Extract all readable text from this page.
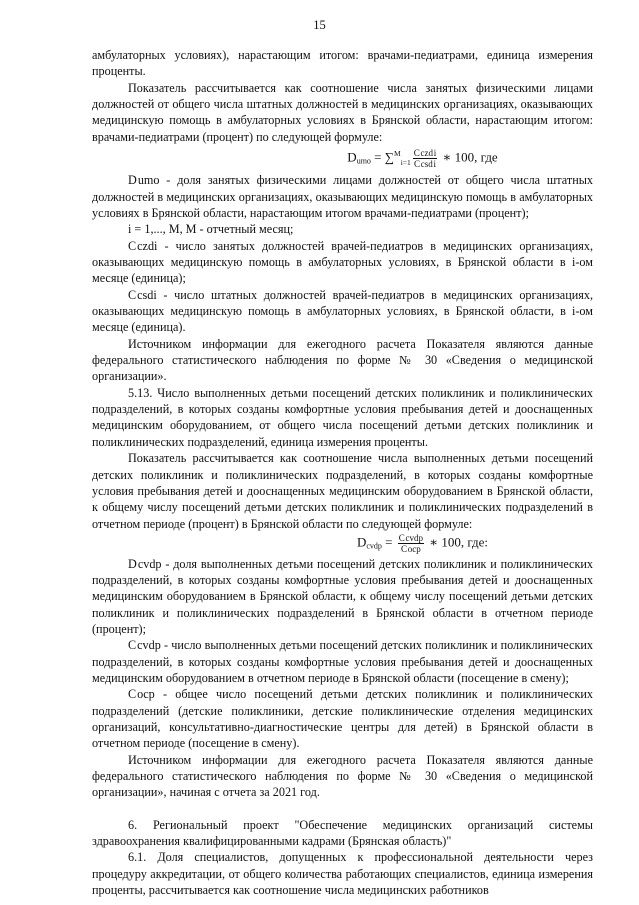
15

амбулаторных условиях), нарастающим итогом: врачами-педиатрами, единица измерения проценты.

Показатель рассчитывается как соотношение числа занятых физическими лицами должностей от общего числа штатных должностей в медицинских организациях, оказывающих медицинскую помощь в амбулаторных условиях в Брянской области, нарастающим итогом: врачами-педиатрами (процент) по следующей формуле:

$D_{umo} = \sum^M_{i=1} \frac{\text{C czd i}}{\text{C csd i}}$ ∗ 100, где

D umo - доля занятых физическими лицами должностей от общего числа штатных должностей в медицинских организациях, оказывающих медицинскую помощь в амбулаторных условиях в Брянской области, нарастающим итогом врачами-педиатрами (процент);

i = 1,..., M, M - отчетный месяц;

C czdi - число занятых должностей врачей-педиатров в медицинских организациях, оказывающих медицинскую помощь в амбулаторных условиях, в Брянской области в i-ом месяце (единица);

C csdi - число штатных должностей врачей-педиатров в медицинских организациях, оказывающих медицинскую помощь в амбулаторных условиях, в Брянской области, в i-ом месяце (единица).

Источником информации для ежегодного расчета Показателя являются данные федерального статистического наблюдения по форме № 30 «Сведения о медицинской организации».

5.13. Число выполненных детьми посещений детских поликлиник и поликлинических подразделений, в которых созданы комфортные условия пребывания детей и дооснащенных медицинским оборудованием, от общего числа посещений детьми детских поликлиник и поликлинических подразделений, единица измерения проценты.

Показатель рассчитывается как соотношение числа выполненных детьми посещений детских поликлиник и поликлинических подразделений, в которых созданы комфортные условия пребывания детей и дооснащенных медицинским оборудованием в Брянской области, к общему числу посещений детьми детских поликлиник и поликлинических подразделений в отчетном периоде (процент) в Брянской области по следующей формуле:

$D_{cvdp} = \frac{\text{C cvdp}}{\text{C ocp}}$ ∗ 100, где:

D cvdp - доля выполненных детьми посещений детских поликлиник и поликлинических подразделений, в которых созданы комфортные условия пребывания детей и дооснащенных медицинским оборудованием в Брянской области, к общему числу посещений детьми детских поликлиник и поликлинических подразделений в Брянской области в отчетном периоде (процент);

C cvdp - число выполненных детьми посещений детских поликлиник и поликлинических подразделений, в которых созданы комфортные условия пребывания детей и дооснащенных медицинским оборудованием в отчетном периоде в Брянской области (посещение в смену);

C ocp - общее число посещений детьми детских поликлиник и поликлинических подразделений (детские поликлиники, детские поликлинические отделения медицинских организаций, консультативно-диагностические центры для детей) в Брянской области в отчетном периоде (посещение в смену).

Источником информации для ежегодного расчета Показателя являются данные федерального статистического наблюдения по форме № 30 «Сведения о медицинской организации», начиная с отчета за 2021 год.

6. Региональный проект "Обеспечение медицинских организаций системы здравоохранения квалифицированными кадрами (Брянская область)"

6.1. Доля специалистов, допущенных к профессиональной деятельности через процедуру аккредитации, от общего количества работающих специалистов, единица измерения проценты, рассчитывается как соотношение числа медицинских работников
